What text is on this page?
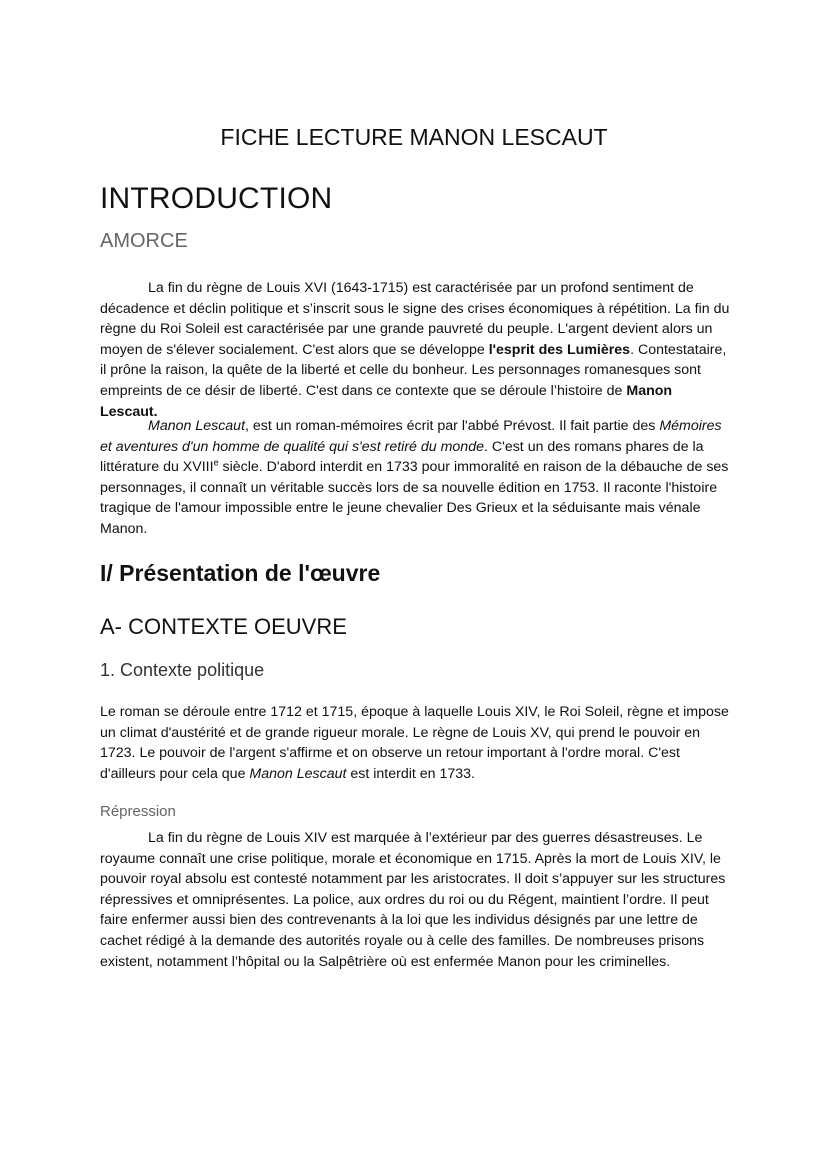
FICHE LECTURE MANON LESCAUT
INTRODUCTION
AMORCE

La fin du règne de Louis XVI (1643-1715) est caractérisée par un profond sentiment de décadence et déclin politique et s’inscrit sous le signe des crises économiques à répétition. La fin du règne du Roi Soleil est caractérisée par une grande pauvreté du peuple. L'argent devient alors un moyen de s'élever socialement. C'est alors que se développe l'esprit des Lumières. Contestataire, il prône la raison, la quête de la liberté et celle du bonheur. Les personnages romanesques sont empreints de ce désir de liberté. C'est dans ce contexte que se déroule l’histoire de Manon Lescaut.

Manon Lescaut, est un roman-mémoires écrit par l'abbé Prévost. Il fait partie des Mémoires et aventures d'un homme de qualité qui s'est retiré du monde. C'est un des romans phares de la littérature du XVIIIe siècle. D'abord interdit en 1733 pour immoralité en raison de la débauche de ses personnages, il connaît un véritable succès lors de sa nouvelle édition en 1753. Il raconte l'histoire tragique de l'amour impossible entre le jeune chevalier Des Grieux et la séduisante mais vénale Manon.

I/ Présentation de l'œuvre
A- CONTEXTE OEUVRE
1. Contexte politique

Le roman se déroule entre 1712 et 1715, époque à laquelle Louis XIV, le Roi Soleil, règne et impose un climat d'austérité et de grande rigueur morale. Le règne de Louis XV, qui prend le pouvoir en 1723. Le pouvoir de l'argent s'affirme et on observe un retour important à l'ordre moral. C'est d'ailleurs pour cela que Manon Lescaut est interdit en 1733.

Répression

La fin du règne de Louis XIV est marquée à l’extérieur par des guerres désastreuses. Le royaume connaît une crise politique, morale et économique en 1715. Après la mort de Louis XIV, le pouvoir royal absolu est contesté notamment par les aristocrates. Il doit s’appuyer sur les structures répressives et omniprésentes. La police, aux ordres du roi ou du Régent, maintient l’ordre. Il peut faire enfermer aussi bien des contrevenants à la loi que les individus désignés par une lettre de cachet rédigé à la demande des autorités royale ou à celle des familles. De nombreuses prisons existent, notamment l’hôpital ou la Salpêtrière où est enfermée Manon pour les criminelles.
